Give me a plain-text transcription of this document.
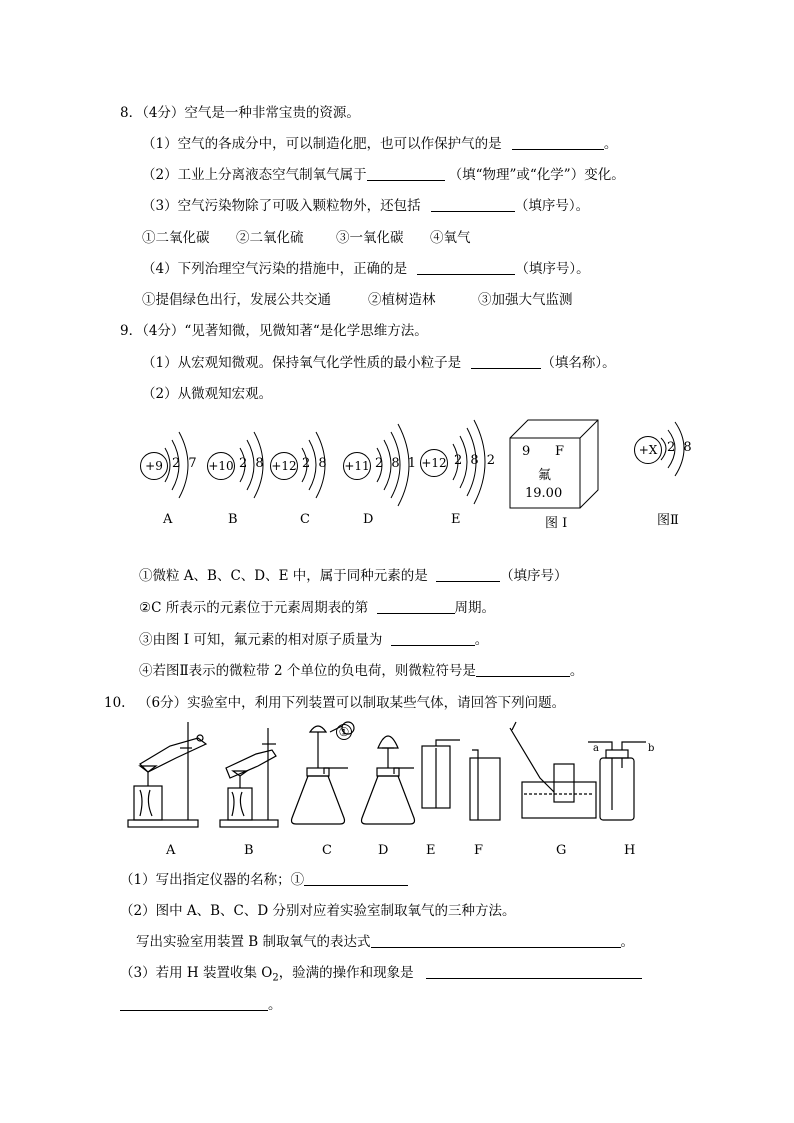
8．（4分）空气是一种非常宝贵的资源。
（1）空气的各成分中，可以制造化肥，也可以作保护气的是	。
（2）工业上分离液态空气制氧气属于	（填“物理”或“化学”）变化。
（3）空气污染物除了可吸入颗粒物外，还包括	（填序号）。
①二氧化碳 ②二氧化硫 ③一氧化碳 ④氧气
（4）下列治理空气污染的措施中，正确的是	（填序号）。
①提倡绿色出行，发展公共交通	②植树造林	③加强大气监测
9．（4分）“见著知微，见微知著“是化学思维方法。
（1）从宏观知微观。保持氧气化学性质的最小粒子是	（填名称）。
（2）从微观知宏观。
+9 2 7
A
+10 2 8
B
+12 2 8
C
+11 2 8 1
D
+12 2 8 2
E
9 F
氟
19.00
图 I
+X 2 8
图Ⅱ
①微粒 A、B、C、D、E 中，属于同种元素的是	（填序号）
②C 所表示的元素位于元素周期表的第	周期。
③由图 I 可知，氟元素的相对原子质量为	。
④若图Ⅱ表示的微粒带 2 个单位的负电荷，则微粒符号是	。
10. （6分）实验室中，利用下列装置可以制取某些气体，请回答下列问题。
①
a	b
A	B	C	D	E	F	G	H
（1）写出指定仪器的名称；①
（2）图中 A、B、C、D 分别对应着实验室制取氧气的三种方法。
写出实验室用装置 B 制取氧气的表达式	。
（3）若用 H 装置收集 $O_2$，验满的操作和现象是
。
